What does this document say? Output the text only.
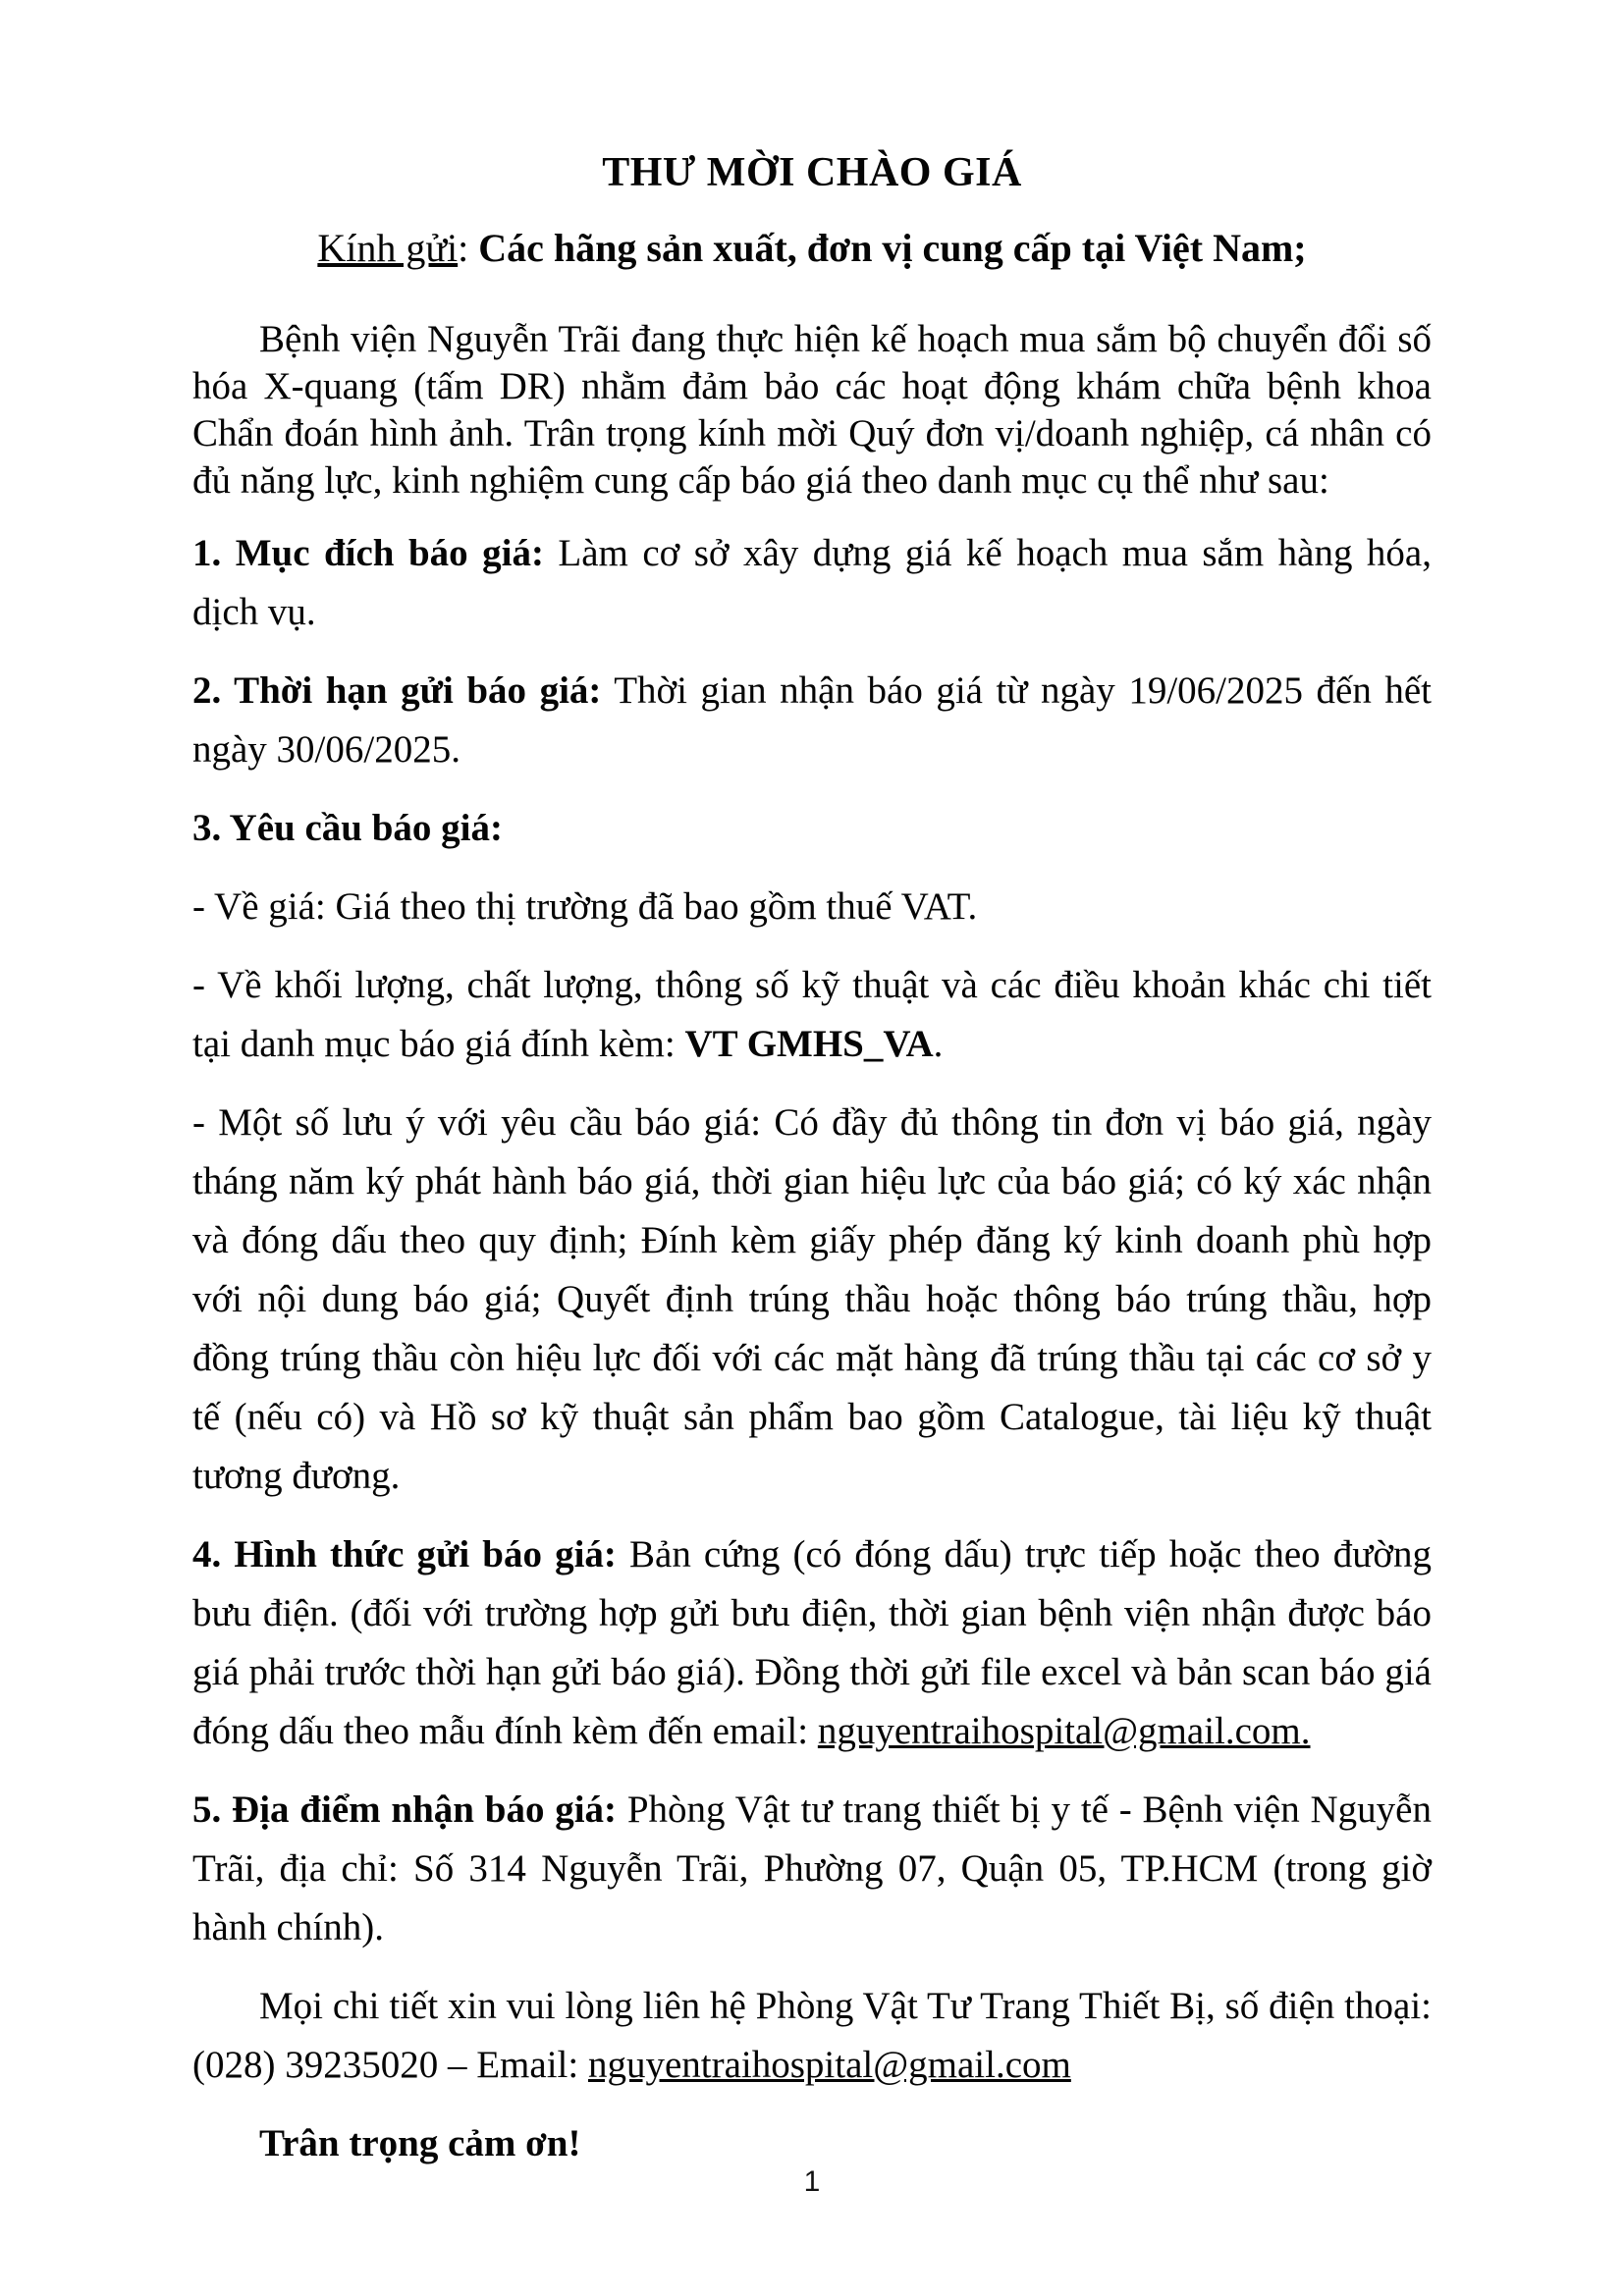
THƯ MỜI CHÀO GIÁ

Kính gửi: Các hãng sản xuất, đơn vị cung cấp tại Việt Nam;

Bệnh viện Nguyễn Trãi đang thực hiện kế hoạch mua sắm bộ chuyển đổi số hóa X-quang (tấm DR) nhằm đảm bảo các hoạt động khám chữa bệnh khoa Chẩn đoán hình ảnh. Trân trọng kính mời Quý đơn vị/doanh nghiệp, cá nhân có đủ năng lực, kinh nghiệm cung cấp báo giá theo danh mục cụ thể như sau:

1. Mục đích báo giá: Làm cơ sở xây dựng giá kế hoạch mua sắm hàng hóa, dịch vụ.

2. Thời hạn gửi báo giá: Thời gian nhận báo giá từ ngày 19/06/2025 đến hết ngày 30/06/2025.

3. Yêu cầu báo giá:

- Về giá: Giá theo thị trường đã bao gồm thuế VAT.

- Về khối lượng, chất lượng, thông số kỹ thuật và các điều khoản khác chi tiết tại danh mục báo giá đính kèm: VT GMHS_VA.

- Một số lưu ý với yêu cầu báo giá: Có đầy đủ thông tin đơn vị báo giá, ngày tháng năm ký phát hành báo giá, thời gian hiệu lực của báo giá; có ký xác nhận và đóng dấu theo quy định; Đính kèm giấy phép đăng ký kinh doanh phù hợp với nội dung báo giá; Quyết định trúng thầu hoặc thông báo trúng thầu, hợp đồng trúng thầu còn hiệu lực đối với các mặt hàng đã trúng thầu tại các cơ sở y tế (nếu có) và Hồ sơ kỹ thuật sản phẩm bao gồm Catalogue, tài liệu kỹ thuật tương đương.

4. Hình thức gửi báo giá: Bản cứng (có đóng dấu) trực tiếp hoặc theo đường bưu điện. (đối với trường hợp gửi bưu điện, thời gian bệnh viện nhận được báo giá phải trước thời hạn gửi báo giá). Đồng thời gửi file excel và bản scan báo giá đóng dấu theo mẫu đính kèm đến email: nguyentraihospital@gmail.com.

5. Địa điểm nhận báo giá: Phòng Vật tư trang thiết bị y tế - Bệnh viện Nguyễn Trãi, địa chỉ: Số 314 Nguyễn Trãi, Phường 07, Quận 05, TP.HCM (trong giờ hành chính).

Mọi chi tiết xin vui lòng liên hệ Phòng Vật Tư Trang Thiết Bị, số điện thoại: (028) 39235020 – Email: nguyentraihospital@gmail.com

Trân trọng cảm ơn!

1
